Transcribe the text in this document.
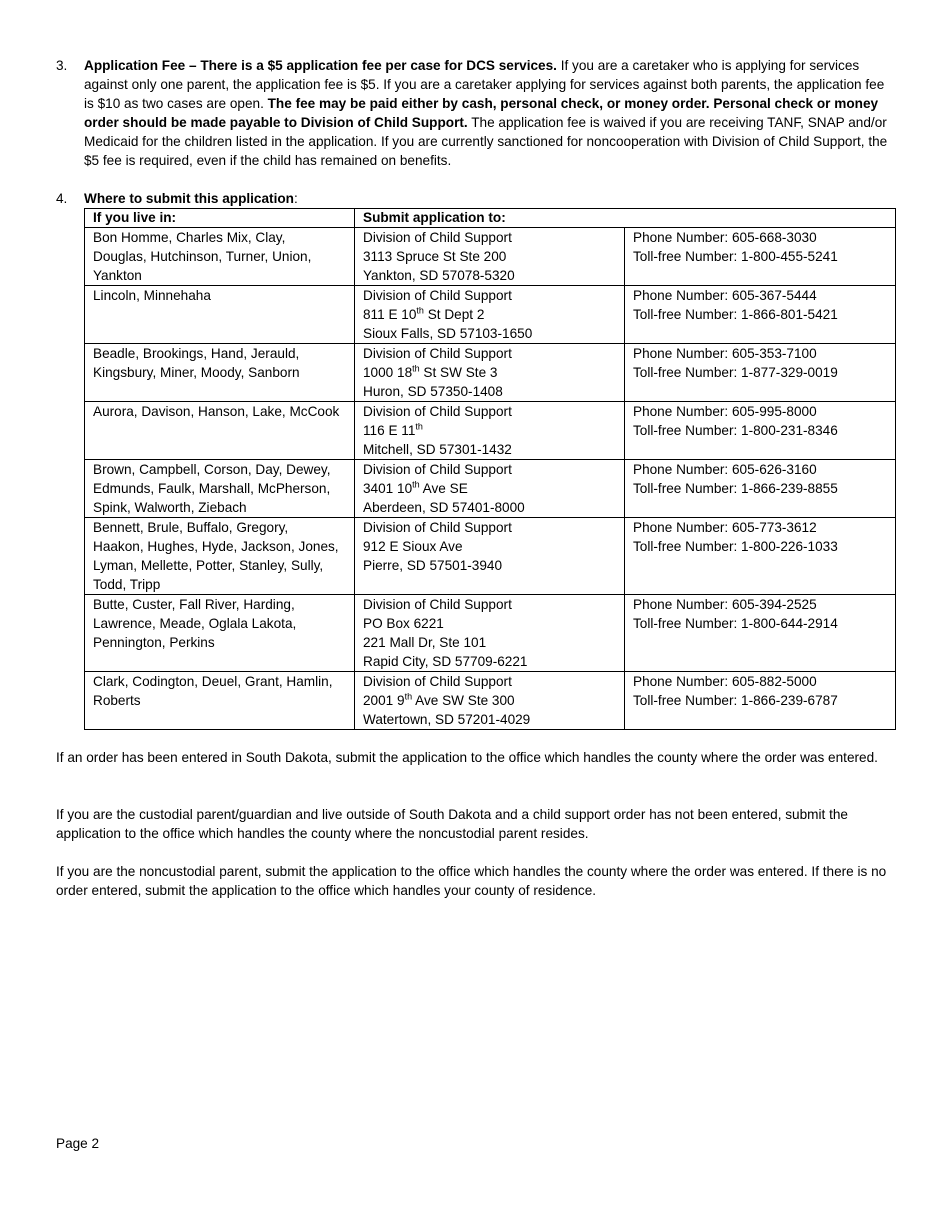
3.	Application Fee – There is a $5 application fee per case for DCS services. If you are a caretaker who is applying for services against only one parent, the application fee is $5. If you are a caretaker applying for services against both parents, the application fee is $10 as two cases are open. The fee may be paid either by cash, personal check, or money order. Personal check or money order should be made payable to Division of Child Support. The application fee is waived if you are receiving TANF, SNAP and/or Medicaid for the children listed in the application. If you are currently sanctioned for noncooperation with Division of Child Support, the $5 fee is required, even if the child has remained on benefits.
4.	Where to submit this application:
If you live in:	Submit application to:	

Bon Homme, Charles Mix, Clay,
Douglas, Hutchinson, Turner, Union,
Yankton	Division of Child Support
3113 Spruce St Ste 200
Yankton, SD 57078-5320	Phone Number: 605-668-3030
Toll-free Number: 1-800-455-5241

Lincoln, Minnehaha	Division of Child Support
811 E 10th St Dept 2
Sioux Falls, SD 57103-1650	Phone Number: 605-367-5444
Toll-free Number: 1-866-801-5421

Beadle, Brookings, Hand, Jerauld,
Kingsbury, Miner, Moody, Sanborn	Division of Child Support
1000 18th St SW Ste 3
Huron, SD 57350-1408	Phone Number: 605-353-7100
Toll-free Number: 1-877-329-0019

Aurora, Davison, Hanson, Lake, McCook	Division of Child Support
116 E 11th
Mitchell, SD 57301-1432	Phone Number: 605-995-8000
Toll-free Number: 1-800-231-8346

Brown, Campbell, Corson, Day, Dewey,
Edmunds, Faulk, Marshall, McPherson,
Spink, Walworth, Ziebach	Division of Child Support
3401 10th Ave SE
Aberdeen, SD 57401-8000	Phone Number: 605-626-3160
Toll-free Number: 1-866-239-8855

Bennett, Brule, Buffalo, Gregory,
Haakon, Hughes, Hyde, Jackson, Jones,
Lyman, Mellette, Potter, Stanley, Sully,
Todd, Tripp	Division of Child Support
912 E Sioux Ave
Pierre, SD 57501-3940	Phone Number: 605-773-3612
Toll-free Number: 1-800-226-1033

Butte, Custer, Fall River, Harding,
Lawrence, Meade, Oglala Lakota,
Pennington, Perkins	Division of Child Support
PO Box 6221
221 Mall Dr, Ste 101
Rapid City, SD 57709-6221	Phone Number: 605-394-2525
Toll-free Number: 1-800-644-2914

Clark, Codington, Deuel, Grant, Hamlin,
Roberts	Division of Child Support
2001 9th Ave SW Ste 300
Watertown, SD 57201-4029	Phone Number: 605-882-5000
Toll-free Number: 1-866-239-6787
If an order has been entered in South Dakota, submit the application to the office which handles the county where the order was entered.
If you are the custodial parent/guardian and live outside of South Dakota and a child support order has not been entered, submit the application to the office which handles the county where the noncustodial parent resides.
If you are the noncustodial parent, submit the application to the office which handles the county where the order was entered. If there is no order entered, submit the application to the office which handles your county of residence.
Page 2
